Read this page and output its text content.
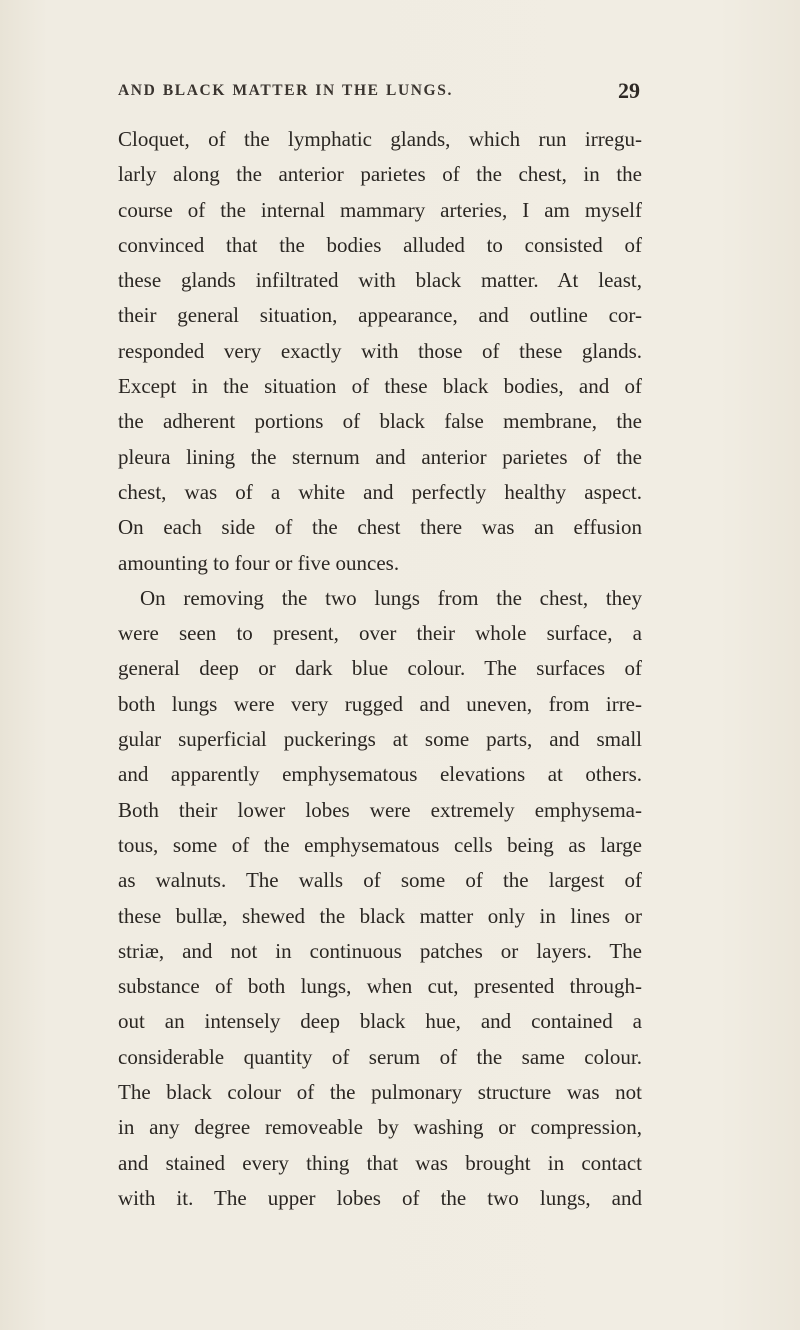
AND BLACK MATTER IN THE LUNGS.	29
Cloquet, of the lymphatic glands, which run irregu-
larly along the anterior parietes of the chest, in the
course of the internal mammary arteries, I am myself
convinced that the bodies alluded to consisted of
these glands infiltrated with black matter. At least,
their general situation, appearance, and outline cor-
responded very exactly with those of these glands.
Except in the situation of these black bodies, and of
the adherent portions of black false membrane, the
pleura lining the sternum and anterior parietes of the
chest, was of a white and perfectly healthy aspect.
On each side of the chest there was an effusion
amounting to four or five ounces.
On removing the two lungs from the chest, they
were seen to present, over their whole surface, a
general deep or dark blue colour. The surfaces of
both lungs were very rugged and uneven, from irre-
gular superficial puckerings at some parts, and small
and apparently emphysematous elevations at others.
Both their lower lobes were extremely emphysema-
tous, some of the emphysematous cells being as large
as walnuts. The walls of some of the largest of
these bullæ, shewed the black matter only in lines or
striæ, and not in continuous patches or layers. The
substance of both lungs, when cut, presented through-
out an intensely deep black hue, and contained a
considerable quantity of serum of the same colour.
The black colour of the pulmonary structure was not
in any degree removeable by washing or compression,
and stained every thing that was brought in contact
with it. The upper lobes of the two lungs, and
